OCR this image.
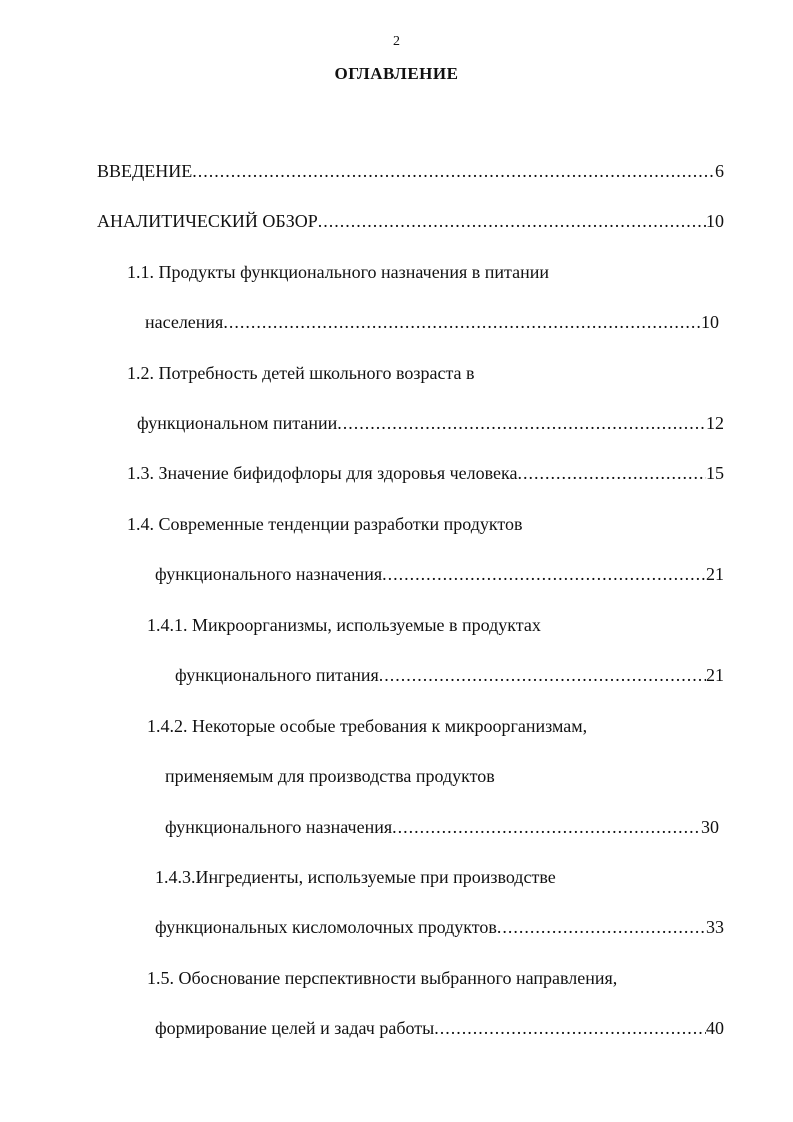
2
ОГЛАВЛЕНИЕ
ВВЕДЕНИЕ .....	6
АНАЛИТИЧЕСКИЙ ОБЗОР .....	10
1.1. Продукты функционального назначения в питании
населения .....	10
1.2. Потребность детей школьного возраста в
функциональном питании .....	12
1.3. Значение бифидофлоры для здоровья человека .....	15
1.4. Современные тенденции разработки продуктов
функционального назначения .....	21
1.4.1. Микроорганизмы, используемые в продуктах
функционального питания .....	21
1.4.2. Некоторые особые требования к микроорганизмам,
применяемым для производства продуктов
функционального назначения .....	30
1.4.3.Ингредиенты, используемые при производстве
функциональных кисломолочных продуктов .....	33
1.5. Обоснование перспективности выбранного направления,
формирование целей и задач работы .....	40
